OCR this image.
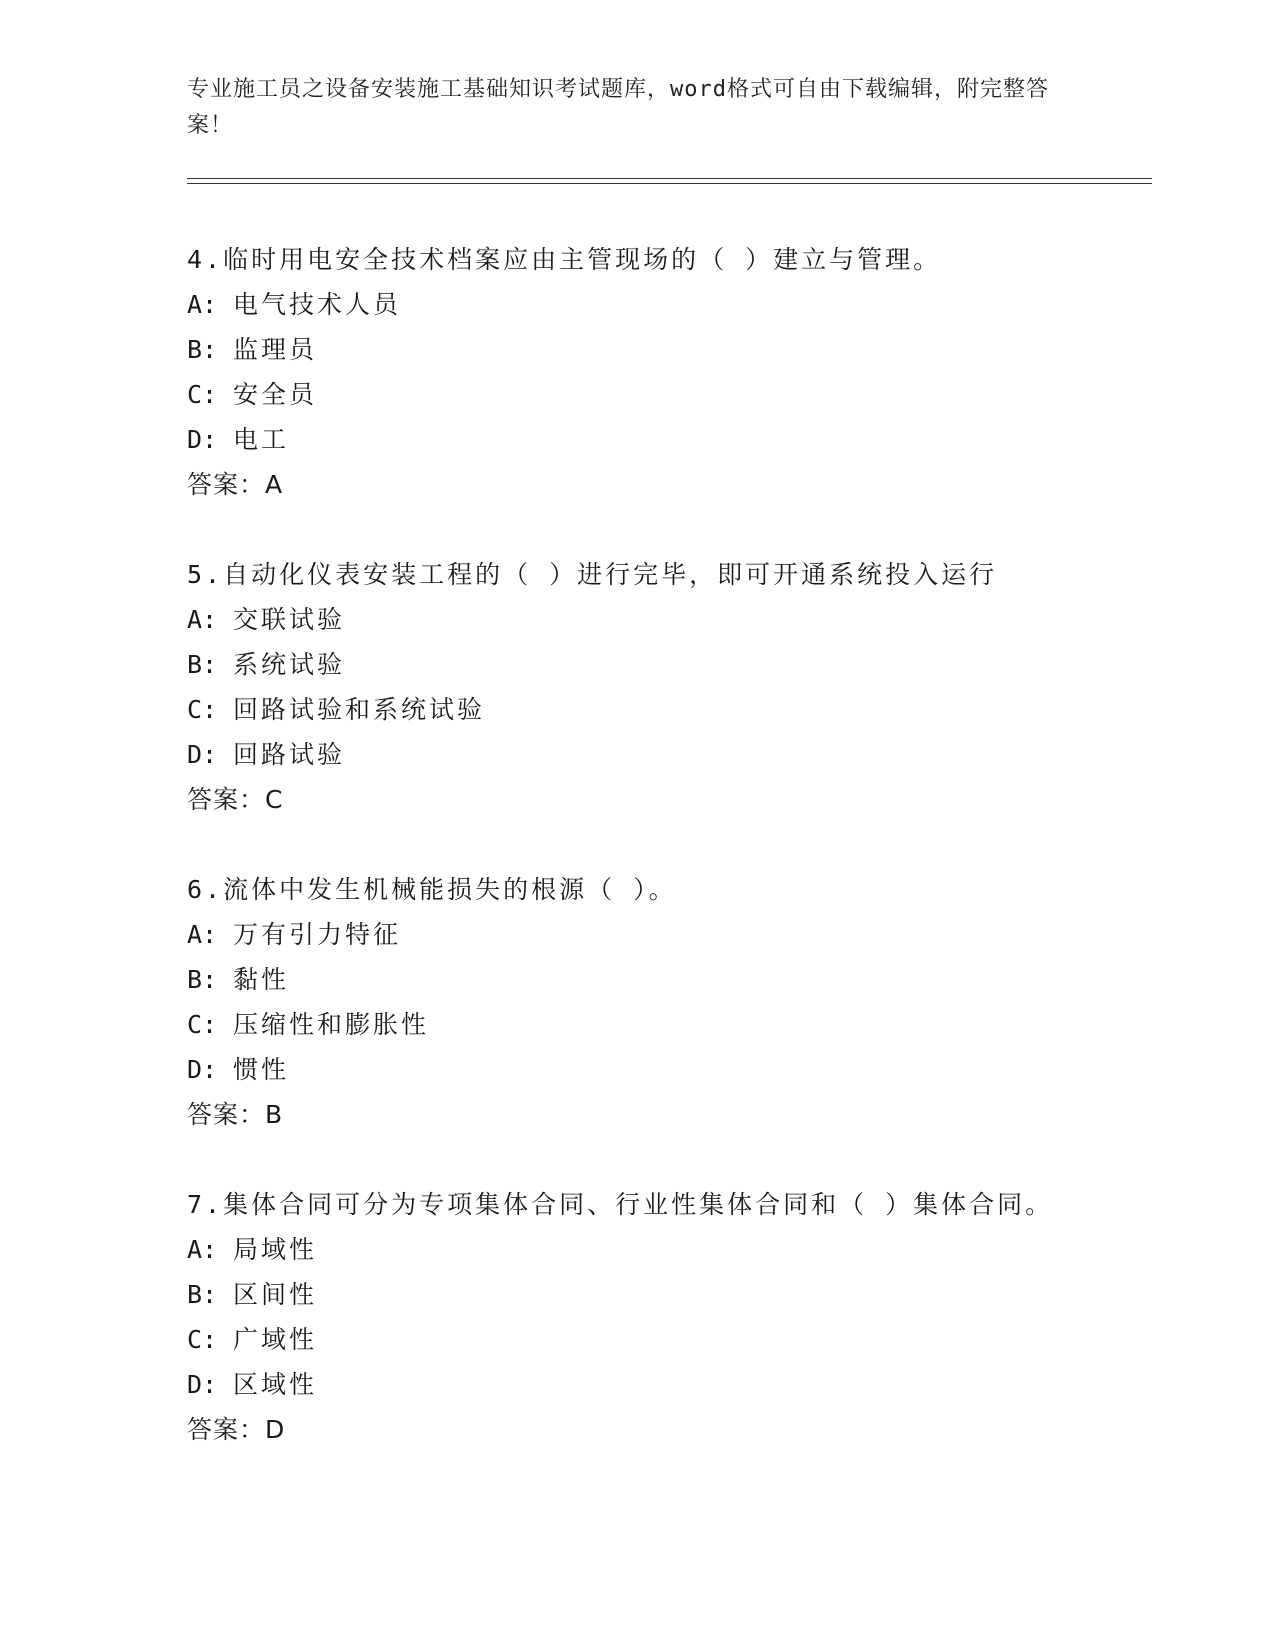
专业施工员之设备安装施工基础知识考试题库，word格式可自由下载编辑，附完整答案！
4.临时用电安全技术档案应由主管现场的（ ）建立与管理。
A: 电气技术人员
B: 监理员
C: 安全员
D: 电工
答案：A
5.自动化仪表安装工程的（ ）进行完毕，即可开通系统投入运行
A: 交联试验
B: 系统试验
C: 回路试验和系统试验
D: 回路试验
答案：C
6.流体中发生机械能损失的根源（ ）。
A: 万有引力特征
B: 黏性
C: 压缩性和膨胀性
D: 惯性
答案：B
7.集体合同可分为专项集体合同、行业性集体合同和（ ）集体合同。
A: 局域性
B: 区间性
C: 广域性
D: 区域性
答案：D
